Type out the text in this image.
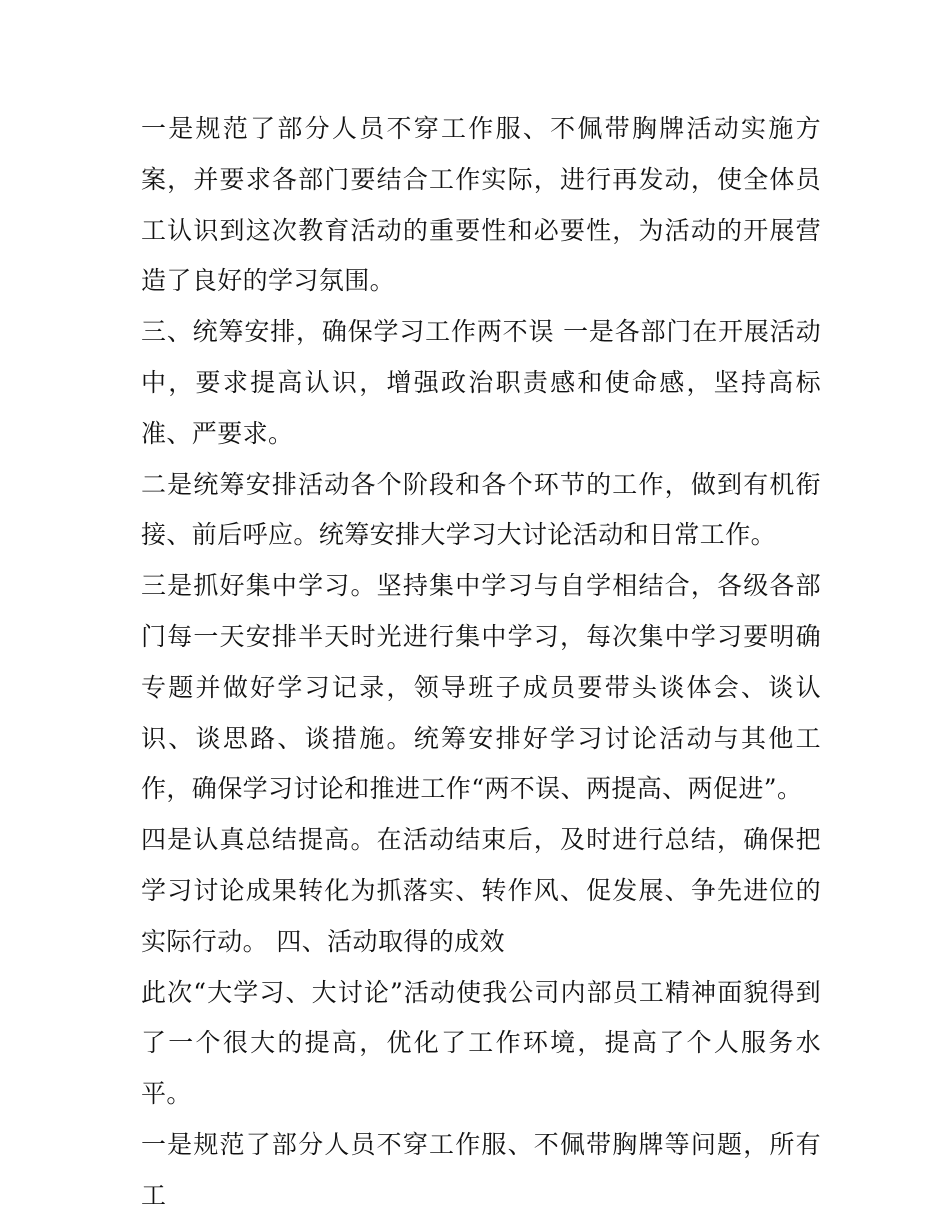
一是规范了部分人员不穿工作服、不佩带胸牌活动实施方案，并要求各部门要结合工作实际，进行再发动，使全体员工认识到这次教育活动的重要性和必要性，为活动的开展营造了良好的学习氛围。

三、统筹安排，确保学习工作两不误 一是各部门在开展活动中，要求提高认识，增强政治职责感和使命感，坚持高标准、严要求。

二是统筹安排活动各个阶段和各个环节的工作，做到有机衔接、前后呼应。统筹安排大学习大讨论活动和日常工作。

三是抓好集中学习。坚持集中学习与自学相结合，各级各部门每一天安排半天时光进行集中学习，每次集中学习要明确专题并做好学习记录，领导班子成员要带头谈体会、谈认识、谈思路、谈措施。统筹安排好学习讨论活动与其他工作，确保学习讨论和推进工作“两不误、两提高、两促进”。

四是认真总结提高。在活动结束后，及时进行总结，确保把学习讨论成果转化为抓落实、转作风、促发展、争先进位的实际行动。 四、活动取得的成效

此次“大学习、大讨论”活动使我公司内部员工精神面貌得到了一个很大的提高，优化了工作环境，提高了个人服务水平。

一是规范了部分人员不穿工作服、不佩带胸牌等问题，所有工
